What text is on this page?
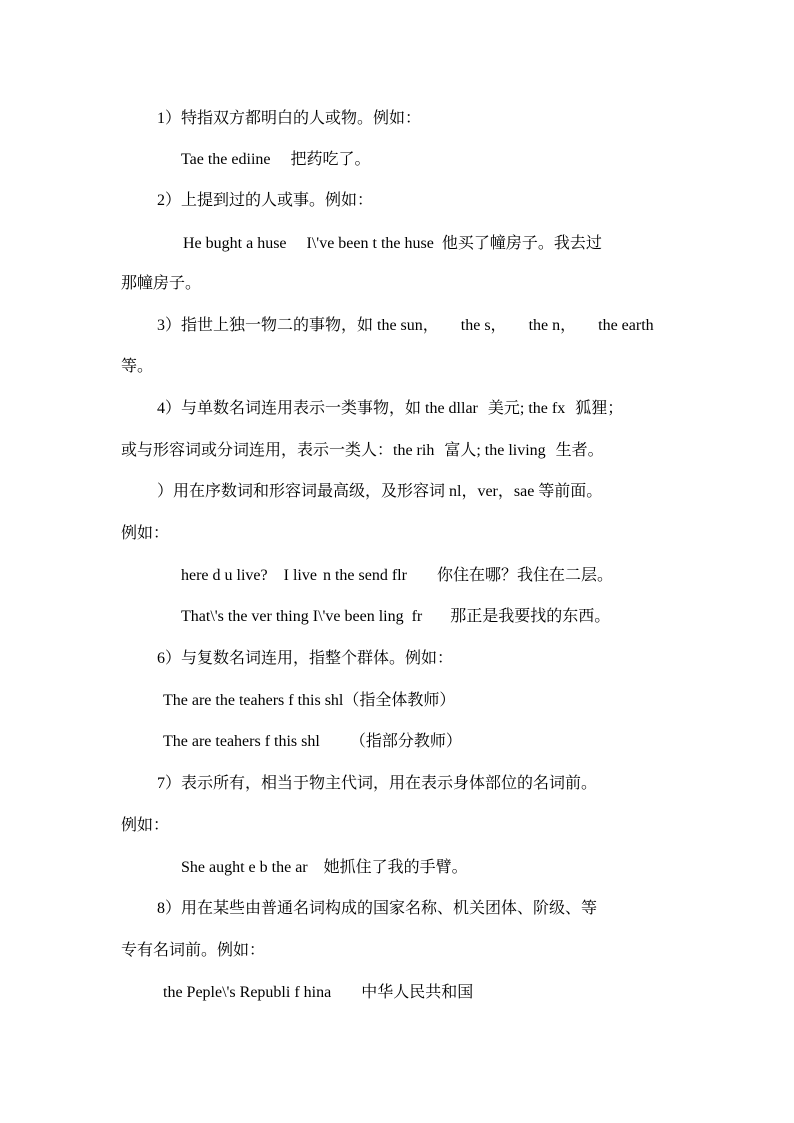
1）特指双方都明白的人或物。例如：
Tae the ediine 把药吃了。
2）上提到过的人或事。例如：
He bught a huse I\'ve been t the huse 他买了幢房子。我去过
那幢房子。
3）指世上独一物二的事物，如 the sun， the s， the n， the earth
等。
4）与单数名词连用表示一类事物，如 the dllar 美元; the fx 狐狸；
或与形容词或分词连用，表示一类人：the rih 富人; the living 生者。
）用在序数词和形容词最高级，及形容词 nl，ver，sae 等前面。
例如：
here d u live? I live n the send flr 你住在哪？我住在二层。
That\'s the ver thing I\'ve been ling fr 那正是我要找的东西。
6）与复数名词连用，指整个群体。例如：
The are the teahers f this shl（指全体教师）
The are teahers f this shl （指部分教师）
7）表示所有，相当于物主代词，用在表示身体部位的名词前。
例如：
She aught e b the ar 她抓住了我的手臂。
8）用在某些由普通名词构成的国家名称、机关团体、阶级、等
专有名词前。例如：
the Peple\'s Republi f hina 中华人民共和国
